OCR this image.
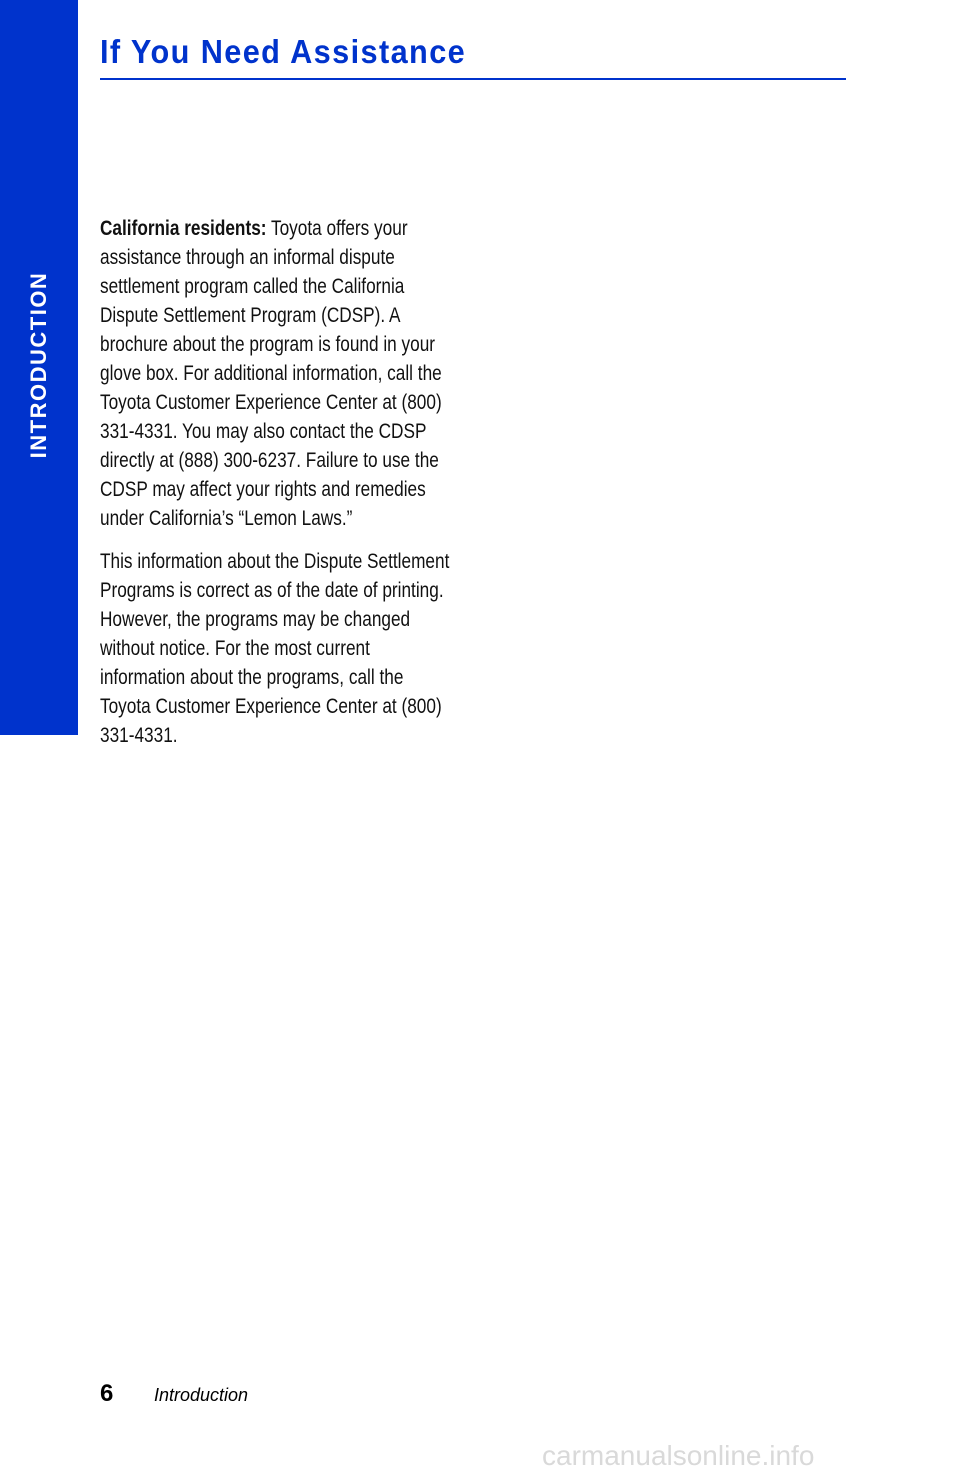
INTRODUCTION
If You Need Assistance

California residents: Toyota offers your assistance through an informal dispute settlement program called the California Dispute Settlement Program (CDSP). A brochure about the program is found in your glove box. For additional information, call the Toyota Customer Experience Center at (800) 331-4331. You may also contact the CDSP directly at (888) 300-6237. Failure to use the CDSP may affect your rights and remedies under California’s “Lemon Laws.”

This information about the Dispute Settlement Programs is correct as of the date of printing. However, the programs may be changed without notice. For the most current information about the programs, call the Toyota Customer Experience Center at (800) 331-4331.

6 Introduction
carmanualsonline.info
